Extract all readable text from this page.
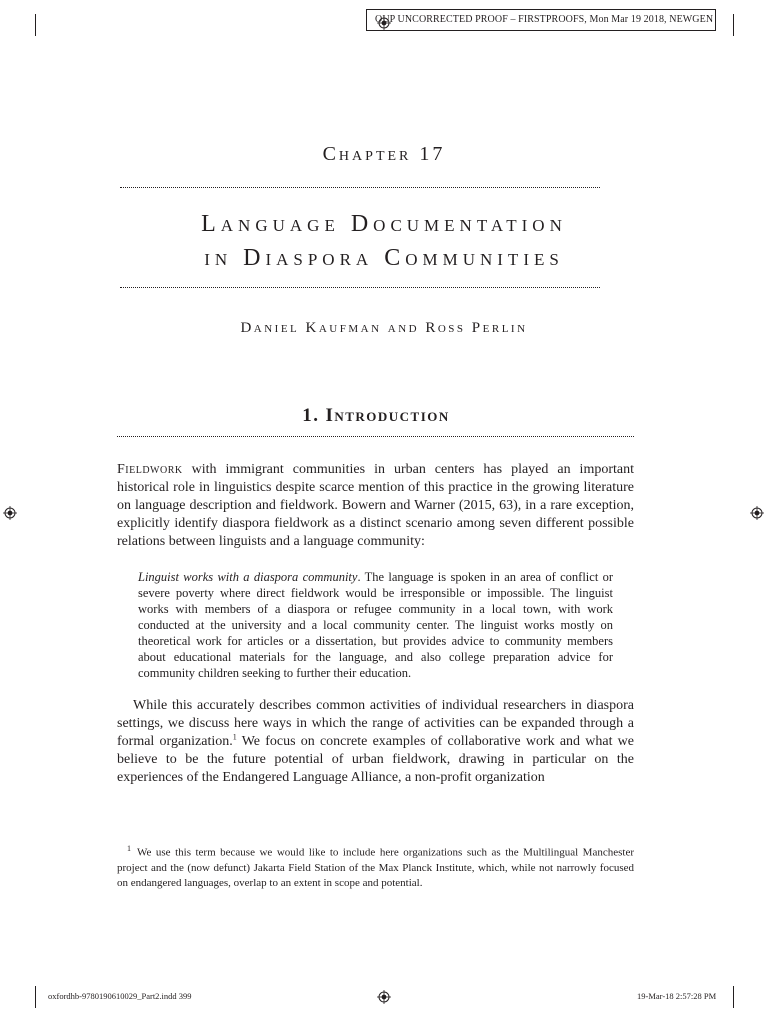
OUP UNCORRECTED PROOF – FIRSTPROOFS, Mon Mar 19 2018, NEWGEN
Chapter 17
Language Documentation
in Diaspora Communities
Daniel Kaufman and Ross Perlin
1. Introduction
Fieldwork with immigrant communities in urban centers has played an important historical role in linguistics despite scarce mention of this practice in the growing literature on language description and fieldwork. Bowern and Warner (2015, 63), in a rare exception, explicitly identify diaspora fieldwork as a distinct scenario among seven different possible relations between linguists and a language community:
Linguist works with a diaspora community. The language is spoken in an area of conflict or severe poverty where direct fieldwork would be irresponsible or impossible. The linguist works with members of a diaspora or refugee community in a local town, with work conducted at the university and a local community center. The linguist works mostly on theoretical work for articles or a dissertation, but provides advice to community members about educational materials for the language, and also college preparation advice for community children seeking to further their education.
While this accurately describes common activities of individual researchers in diaspora settings, we discuss here ways in which the range of activities can be expanded through a formal organization.$^1$ We focus on concrete examples of collaborative work and what we believe to be the future potential of urban fieldwork, drawing in particular on the experiences of the Endangered Language Alliance, a non-profit organization
$^1$ We use this term because we would like to include here organizations such as the Multilingual Manchester project and the (now defunct) Jakarta Field Station of the Max Planck Institute, which, while not narrowly focused on endangered languages, overlap to an extent in scope and potential.
oxfordhb-9780190610029_Part2.indd 399	19-Mar-18 2:57:28 PM
